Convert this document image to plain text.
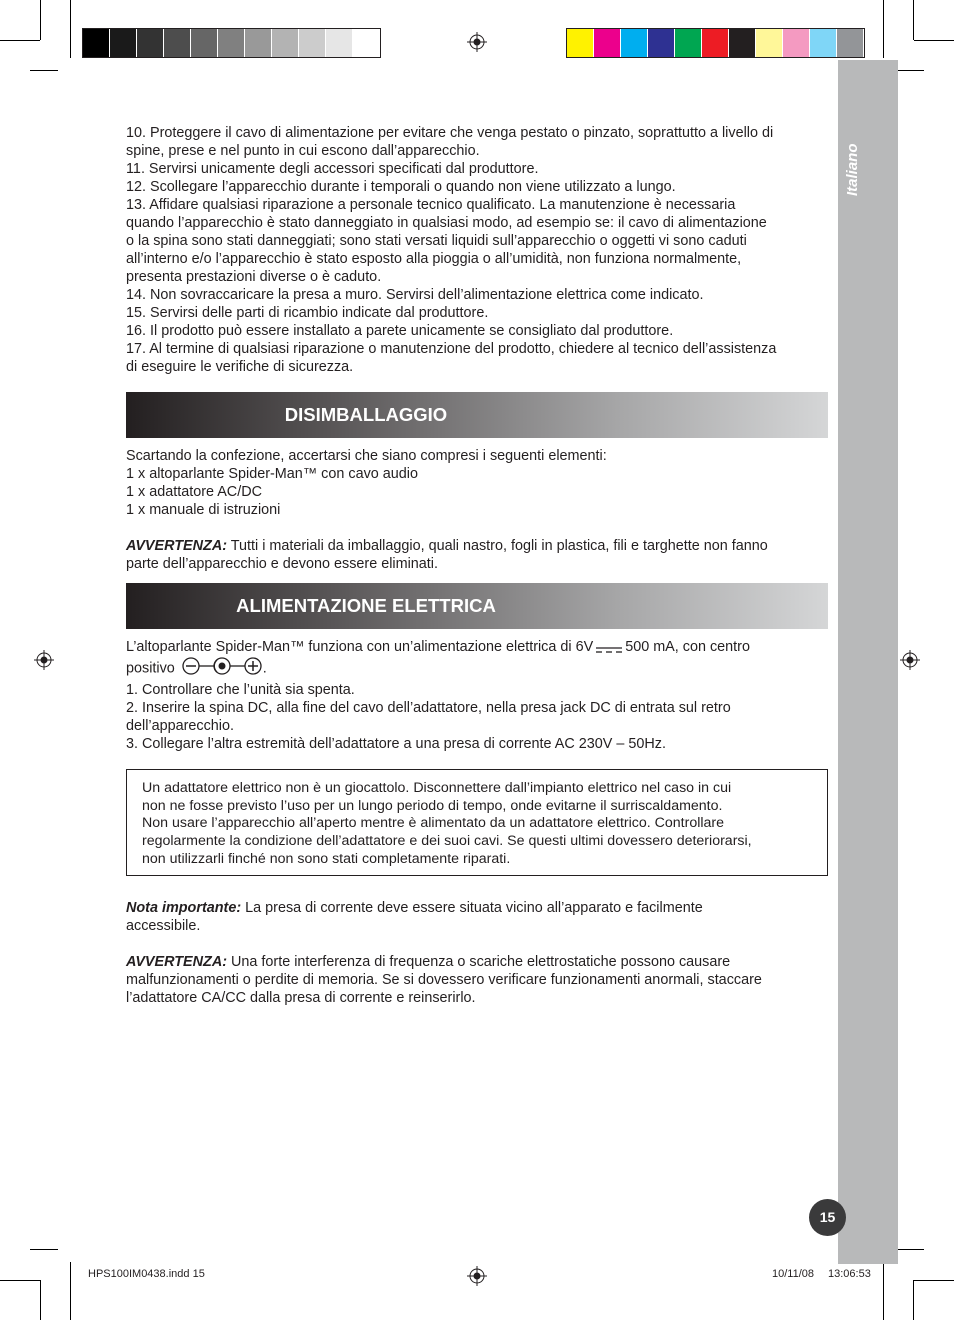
Italiano
10. Proteggere il cavo di alimentazione per evitare che venga pestato o pinzato, soprattutto a livello di
spine, prese e nel punto in cui escono dall’apparecchio.
11. Servirsi unicamente degli accessori specificati dal produttore.
12. Scollegare l’apparecchio durante i temporali o quando non viene utilizzato a lungo.
13. Affidare qualsiasi riparazione a personale tecnico qualificato. La manutenzione è necessaria
quando l’apparecchio è stato danneggiato in qualsiasi modo, ad esempio se: il cavo di alimentazione
o la spina sono stati danneggiati; sono stati versati liquidi sull’apparecchio o oggetti vi sono caduti
all’interno e/o l’apparecchio è stato esposto alla pioggia o all’umidità, non funziona normalmente,
presenta prestazioni diverse o è caduto.
14. Non sovraccaricare la presa a muro. Servirsi dell’alimentazione elettrica come indicato.
15. Servirsi delle parti di ricambio indicate dal produttore.
16. Il prodotto può essere installato a parete unicamente se consigliato dal produttore.
17. Al termine di qualsiasi riparazione o manutenzione del prodotto, chiedere al tecnico dell’assistenza
di eseguire le verifiche di sicurezza.
DISIMBALLAGGIO
Scartando la confezione, accertarsi che siano compresi i seguenti elementi:
1 x altoparlante Spider-Man™ con cavo audio
1 x adattatore AC/DC
1 x manuale di istruzioni
AVVERTENZA: Tutti i materiali da imballaggio, quali nastro, fogli in plastica, fili e targhette non fanno
parte dell’apparecchio e devono essere eliminati.
ALIMENTAZIONE ELETTRICA
L’altoparlante Spider-Man™ funziona con un’alimentazione elettrica di 6V 500 mA, con centro
positivo	.
1. Controllare che l’unità sia spenta.
2. Inserire la spina DC, alla fine del cavo dell’adattatore, nella presa jack DC di entrata sul retro
dell’apparecchio.
3. Collegare l’altra estremità dell’adattatore a una presa di corrente AC 230V – 50Hz.
Un adattatore elettrico non è un giocattolo. Disconnettere dall’impianto elettrico nel caso in cui
non ne fosse previsto l’uso per un lungo periodo di tempo, onde evitarne il surriscaldamento.
Non usare l’apparecchio all’aperto mentre è alimentato da un adattatore elettrico. Controllare
regolarmente la condizione dell’adattatore e dei suoi cavi. Se questi ultimi dovessero deteriorarsi,
non utilizzarli finché non sono stati completamente riparati.
Nota importante: La presa di corrente deve essere situata vicino all’apparato e facilmente
accessibile.
AVVERTENZA: Una forte interferenza di frequenza o scariche elettrostatiche possono causare
malfunzionamenti o perdite di memoria. Se si dovessero verificare funzionamenti anormali, staccare
l’adattatore CA/CC dalla presa di corrente e reinserirlo.
15
HPS100IM0438.indd 15	10/11/08 13:06:53
